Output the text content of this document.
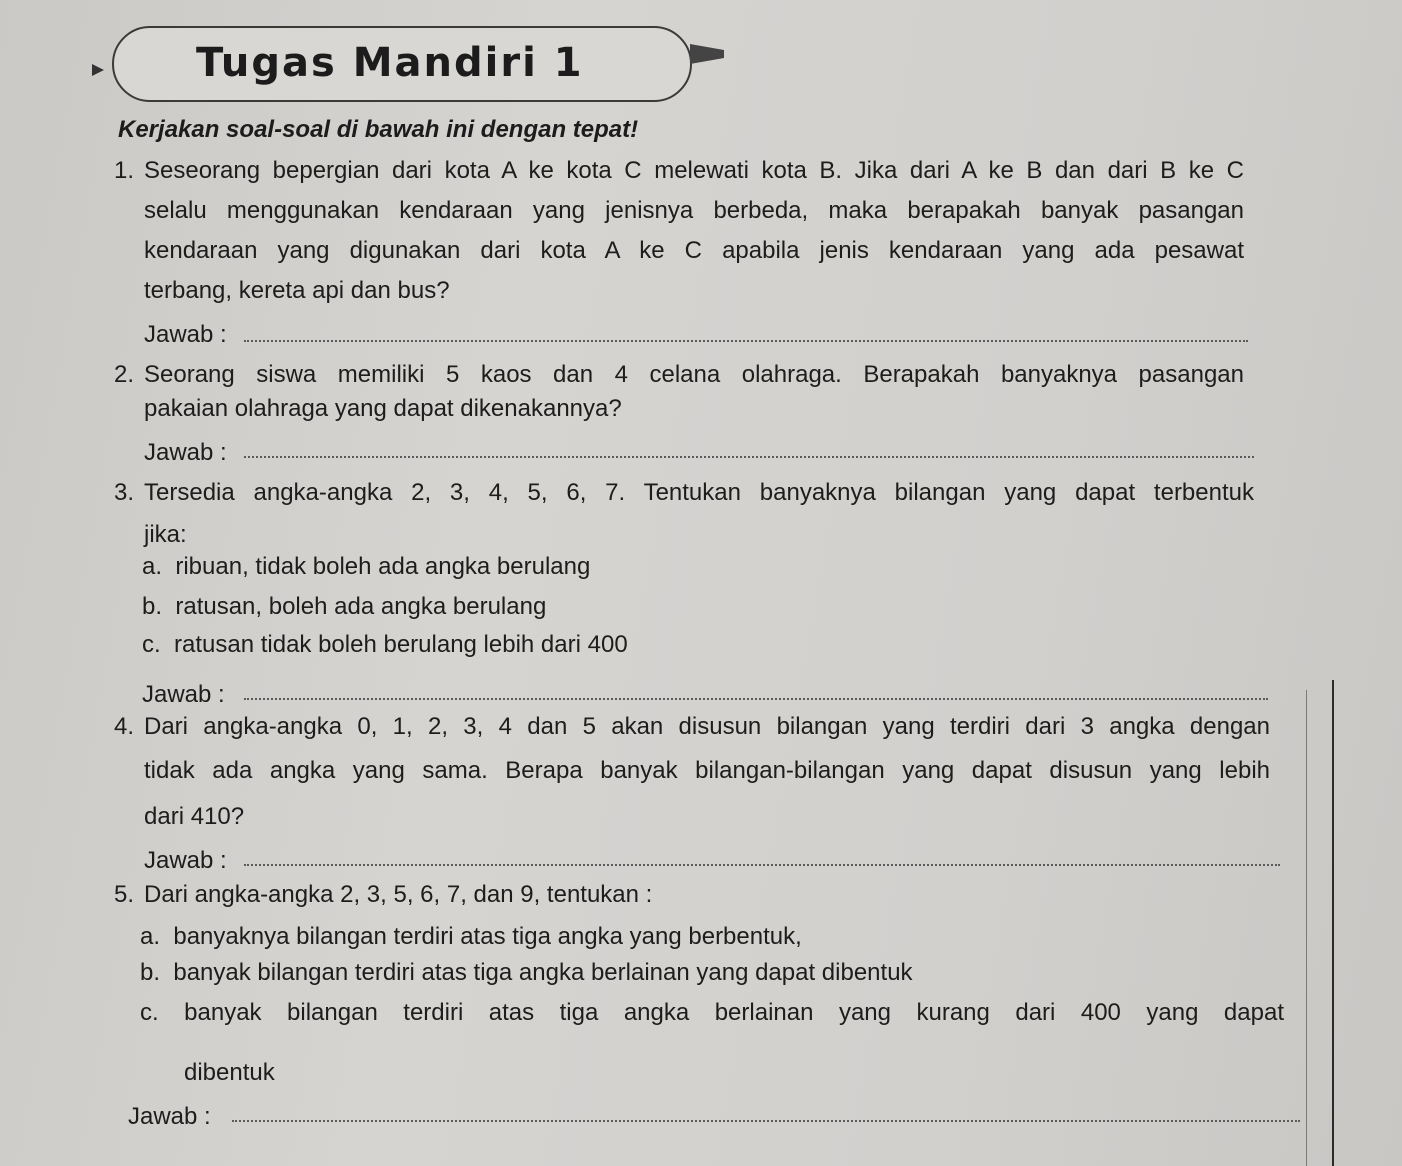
Tugas Mandiri 1
Kerjakan soal-soal di bawah ini dengan tepat!
1. Seseorang bepergian dari kota A ke kota C melewati kota B. Jika dari A ke B dan dari B ke C
selalu menggunakan kendaraan yang jenisnya berbeda, maka berapakah banyak pasangan
kendaraan yang digunakan dari kota A ke C apabila jenis kendaraan yang ada pesawat
terbang, kereta api dan bus?
Jawab :
2. Seorang siswa memiliki 5 kaos dan 4 celana olahraga. Berapakah banyaknya pasangan
pakaian olahraga yang dapat dikenakannya?
Jawab :
3. Tersedia angka-angka 2, 3, 4, 5, 6, 7. Tentukan banyaknya bilangan yang dapat terbentuk
jika:
a.  ribuan, tidak boleh ada angka berulang
b.  ratusan, boleh ada angka berulang
c.  ratusan tidak boleh berulang lebih dari 400
Jawab :
4. Dari angka-angka 0, 1, 2, 3, 4 dan 5 akan disusun bilangan yang terdiri dari 3 angka dengan
tidak ada angka yang sama. Berapa banyak bilangan-bilangan yang dapat disusun yang lebih
dari 410?
Jawab :
5. Dari angka-angka 2, 3, 5, 6, 7, dan 9, tentukan :
a.  banyaknya bilangan terdiri atas tiga angka yang berbentuk,
b.  banyak bilangan terdiri atas tiga angka berlainan yang dapat dibentuk
c. banyak bilangan terdiri atas tiga angka berlainan yang kurang dari 400 yang dapat
dibentuk
Jawab :
